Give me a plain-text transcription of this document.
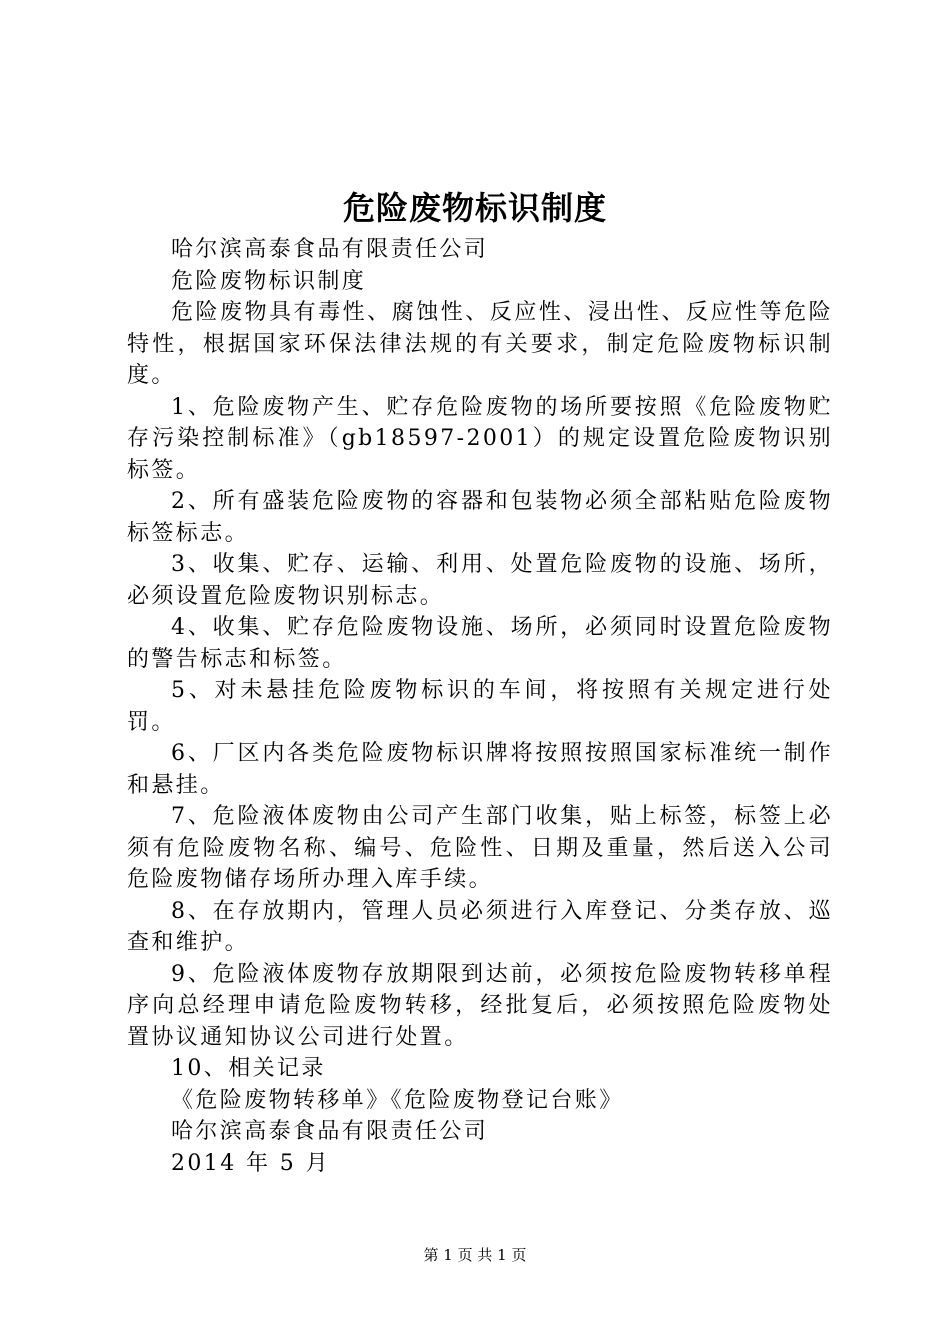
危险废物标识制度

哈尔滨高泰食品有限责任公司

危险废物标识制度

危险废物具有毒性、腐蚀性、反应性、浸出性、反应性等危险特性，根据国家环保法律法规的有关要求，制定危险废物标识制度。

1、危险废物产生、贮存危险废物的场所要按照《危险废物贮存污染控制标准》（gb18597-2001）的规定设置危险废物识别标签。

2、所有盛装危险废物的容器和包装物必须全部粘贴危险废物标签标志。

3、收集、贮存、运输、利用、处置危险废物的设施、场所，必须设置危险废物识别标志。

4、收集、贮存危险废物设施、场所，必须同时设置危险废物的警告标志和标签。

5、对未悬挂危险废物标识的车间，将按照有关规定进行处罚。

6、厂区内各类危险废物标识牌将按照按照国家标准统一制作和悬挂。

7、危险液体废物由公司产生部门收集，贴上标签，标签上必须有危险废物名称、编号、危险性、日期及重量，然后送入公司危险废物储存场所办理入库手续。

8、在存放期内，管理人员必须进行入库登记、分类存放、巡查和维护。

9、危险液体废物存放期限到达前，必须按危险废物转移单程序向总经理申请危险废物转移，经批复后，必须按照危险废物处置协议通知协议公司进行处置。

10、相关记录

《危险废物转移单》《危险废物登记台账》

哈尔滨高泰食品有限责任公司

2014 年 5 月

第 1 页 共 1 页
